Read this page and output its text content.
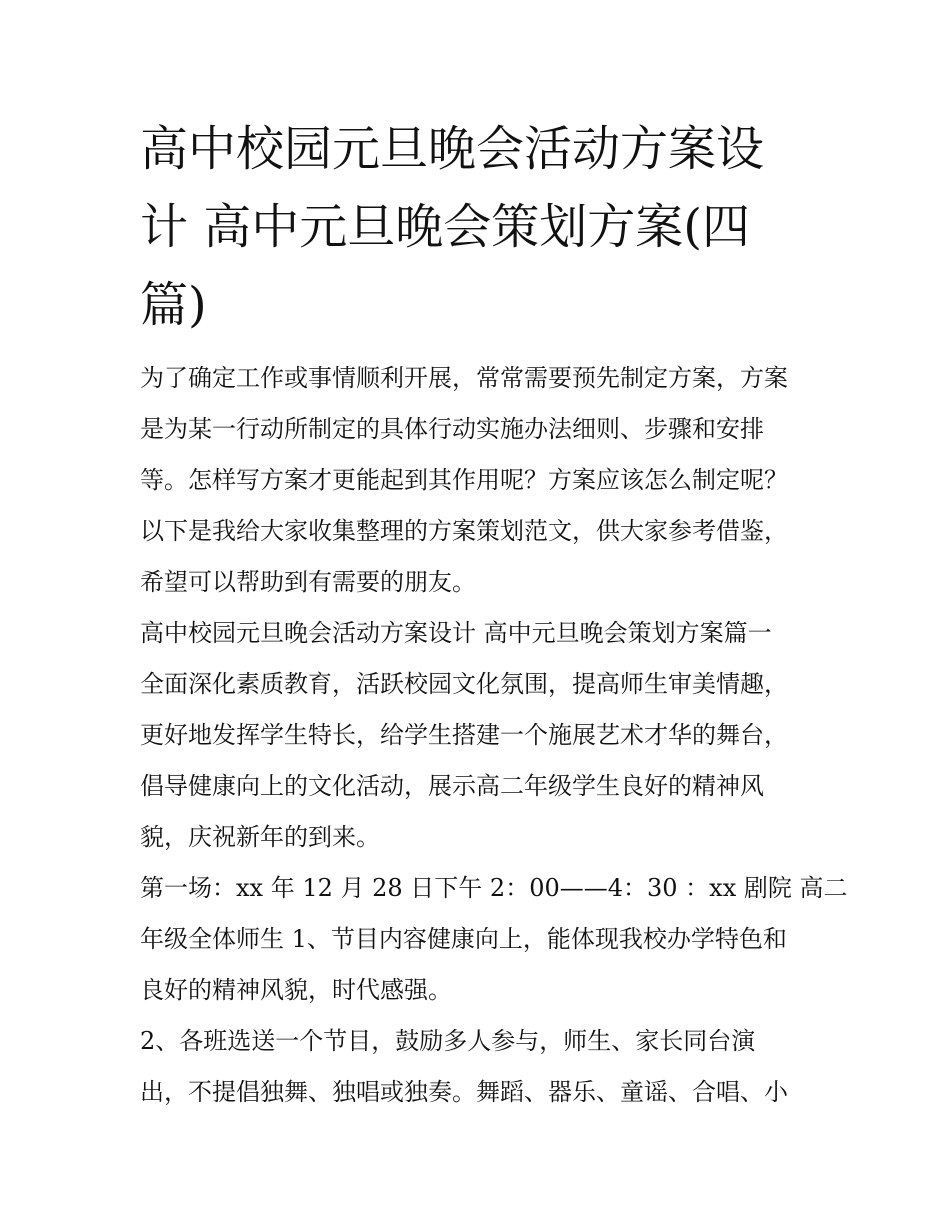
高中校园元旦晚会活动方案设
计 高中元旦晚会策划方案(四
篇)
为了确定工作或事情顺利开展，常常需要预先制定方案，方案
是为某一行动所制定的具体行动实施办法细则、步骤和安排
等。怎样写方案才更能起到其作用呢？方案应该怎么制定呢？
以下是我给大家收集整理的方案策划范文，供大家参考借鉴，
希望可以帮助到有需要的朋友。
高中校园元旦晚会活动方案设计 高中元旦晚会策划方案篇一
全面深化素质教育，活跃校园文化氛围，提高师生审美情趣，
更好地发挥学生特长，给学生搭建一个施展艺术才华的舞台，
倡导健康向上的文化活动，展示高二年级学生良好的精神风
貌，庆祝新年的到来。
第一场：xx 年 12 月 28 日下午 2：00——4：30 ：xx 剧院 高二
年级全体师生 1、节目内容健康向上，能体现我校办学特色和
良好的精神风貌，时代感强。
2、各班选送一个节目，鼓励多人参与，师生、家长同台演
出，不提倡独舞、独唱或独奏。舞蹈、器乐、童谣、合唱、小
